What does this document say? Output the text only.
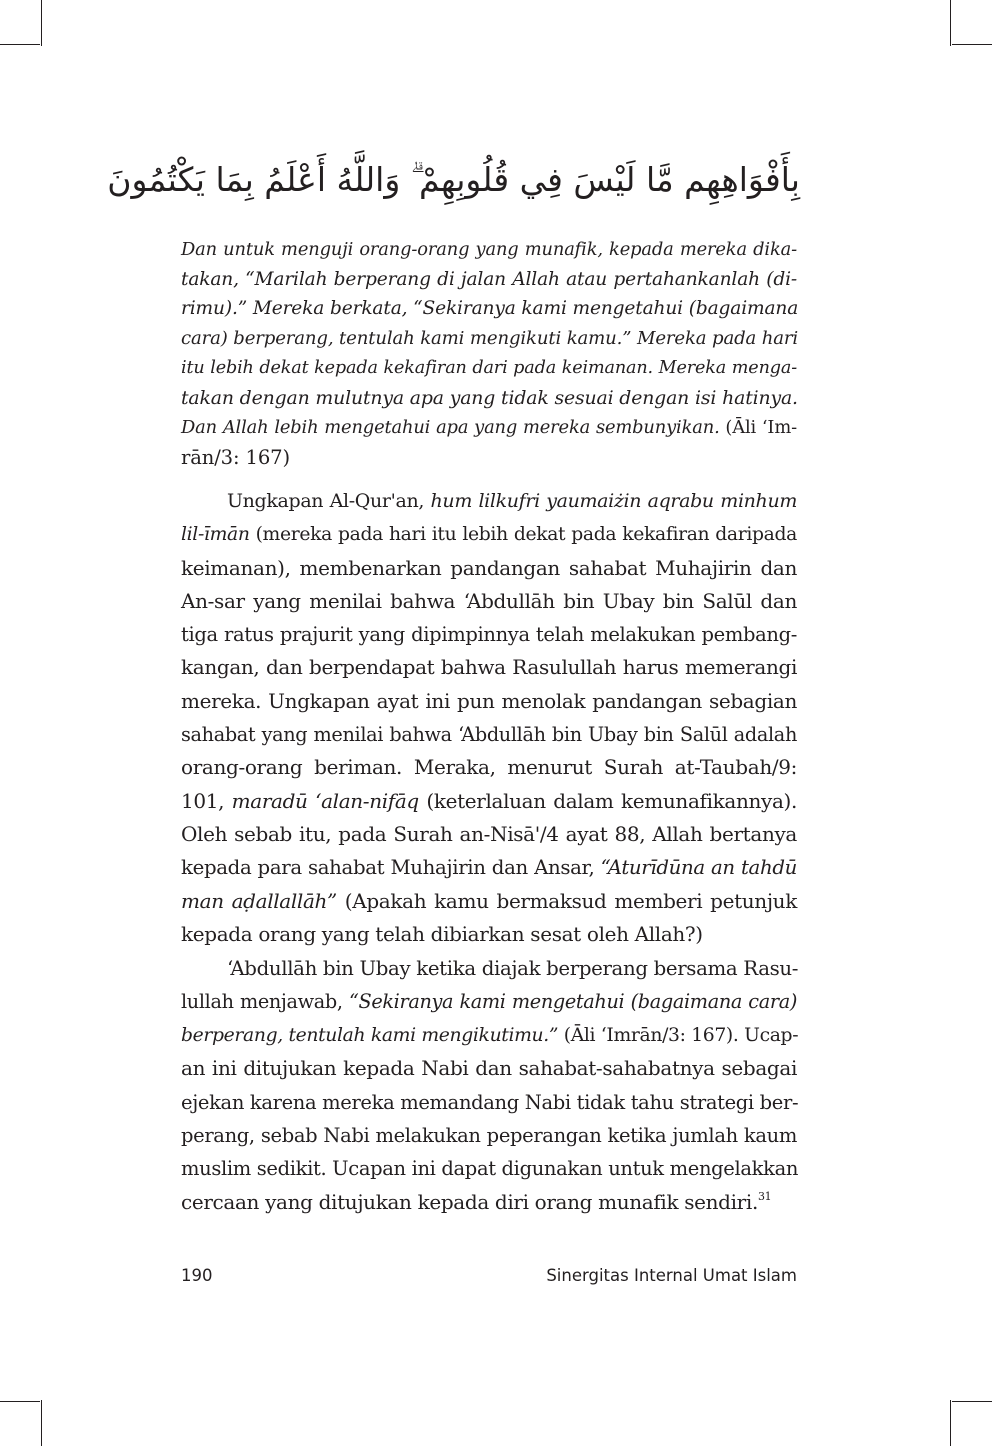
بِأَفْوَاهِهِم مَّا لَيْسَ فِي قُلُوبِهِمْ ۗ وَاللَّهُ أَعْلَمُ بِمَا يَكْتُمُونَ

Dan untuk menguji orang-orang yang munafik, kepada mereka dika-
takan, “Marilah berperang di jalan Allah atau pertahankanlah (di-
rimu).” Mereka berkata, “Sekiranya kami mengetahui (bagaimana
cara) berperang, tentulah kami mengikuti kamu.” Mereka pada hari
itu lebih dekat kepada kekafiran dari pada keimanan. Mereka menga-
takan dengan mulutnya apa yang tidak sesuai dengan isi hatinya.
Dan Allah lebih mengetahui apa yang mereka sembunyikan. (Āli ‘Im-
rān/3: 167)

Ungkapan Al-Qur'an, hum lilkufri yaumaiżin aqrabu minhum
lil-īmān (mereka pada hari itu lebih dekat pada kekafiran daripada
keimanan), membenarkan pandangan sahabat Muhajirin dan
An-sar yang menilai bahwa ‘Abdullāh bin Ubay bin Salūl dan
tiga ratus prajurit yang dipimpinnya telah melakukan pembang-
kangan, dan berpendapat bahwa Rasulullah harus memerangi
mereka. Ungkapan ayat ini pun menolak pandangan sebagian
sahabat yang menilai bahwa ‘Abdullāh bin Ubay bin Salūl adalah
orang-orang beriman. Meraka, menurut Surah at-Taubah/9:
101, maradū ‘alan-nifāq (keterlaluan dalam kemunafikannya).
Oleh sebab itu, pada Surah an-Nisā'/4 ayat 88, Allah bertanya
kepada para sahabat Muhajirin dan Ansar, “Aturīdūna an tahdū
man aḍallallāh” (Apakah kamu bermaksud memberi petunjuk
kepada orang yang telah dibiarkan sesat oleh Allah?)

‘Abdullāh bin Ubay ketika diajak berperang bersama Rasu-
lullah menjawab, “Sekiranya kami mengetahui (bagaimana cara)
berperang, tentulah kami mengikutimu.” (Āli ‘Imrān/3: 167). Ucap-
an ini ditujukan kepada Nabi dan sahabat-sahabatnya sebagai
ejekan karena mereka memandang Nabi tidak tahu strategi ber-
perang, sebab Nabi melakukan peperangan ketika jumlah kaum
muslim sedikit. Ucapan ini dapat digunakan untuk mengelakkan
cercaan yang ditujukan kepada diri orang munafik sendiri.$^{31}$

190	Sinergitas Internal Umat Islam
